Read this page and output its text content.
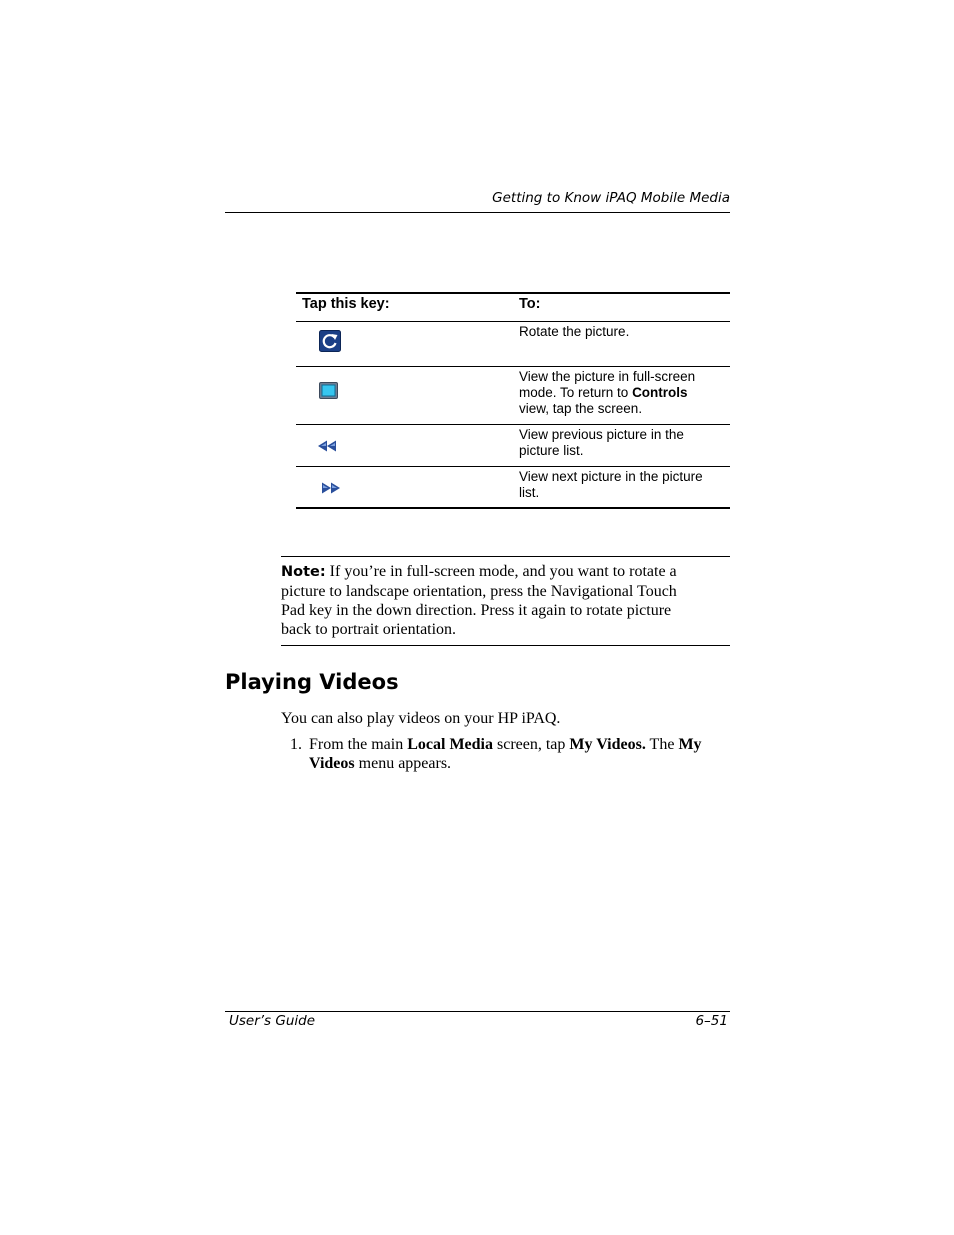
Getting to Know iPAQ Mobile Media
Tap this key:	To:
Rotate the picture.
View the picture in full-screen
mode. To return to Controls
view, tap the screen.
View previous picture in the
picture list.
View next picture in the picture
list.
Note: If you’re in full-screen mode, and you want to rotate a
picture to landscape orientation, press the Navigational Touch
Pad key in the down direction. Press it again to rotate picture
back to portrait orientation.
Playing Videos
You can also play videos on your HP iPAQ.
1. From the main Local Media screen, tap My Videos. The My
Videos menu appears.
User’s Guide	6–51
